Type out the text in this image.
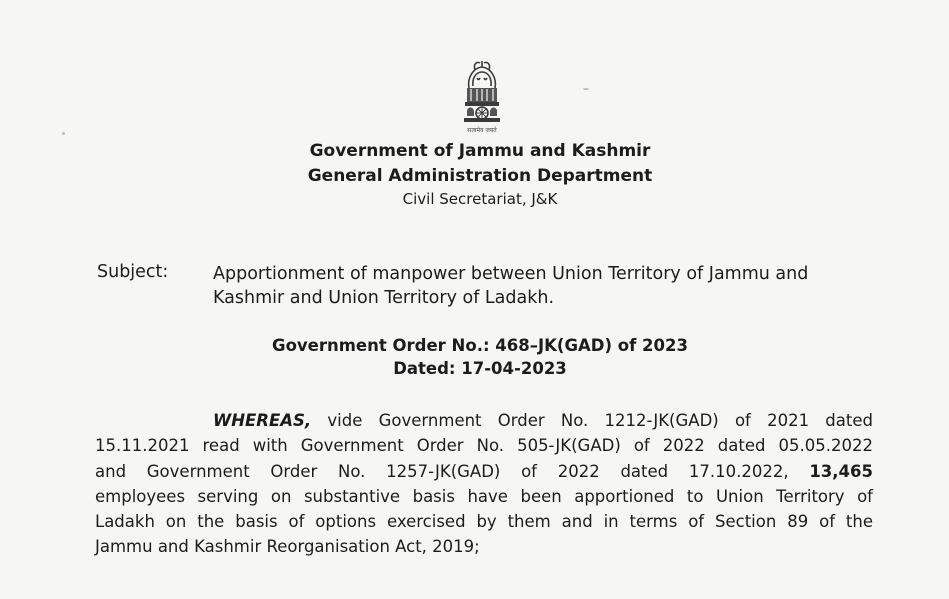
सत्यमेव जयते
Government of Jammu and Kashmir
General Administration Department
Civil Secretariat, J&K
Subject:	Apportionment of manpower between Union Territory of Jammu and
Kashmir and Union Territory of Ladakh.
Government Order No.: 468–JK(GAD) of 2023
Dated: 17-04-2023
WHEREAS, vide Government Order No. 1212-JK(GAD) of 2021 dated
15.11.2021 read with Government Order No. 505-JK(GAD) of 2022 dated 05.05.2022
and Government Order No. 1257-JK(GAD) of 2022 dated 17.10.2022, 13,465
employees serving on substantive basis have been apportioned to Union Territory of
Ladakh on the basis of options exercised by them and in terms of Section 89 of the
Jammu and Kashmir Reorganisation Act, 2019;
